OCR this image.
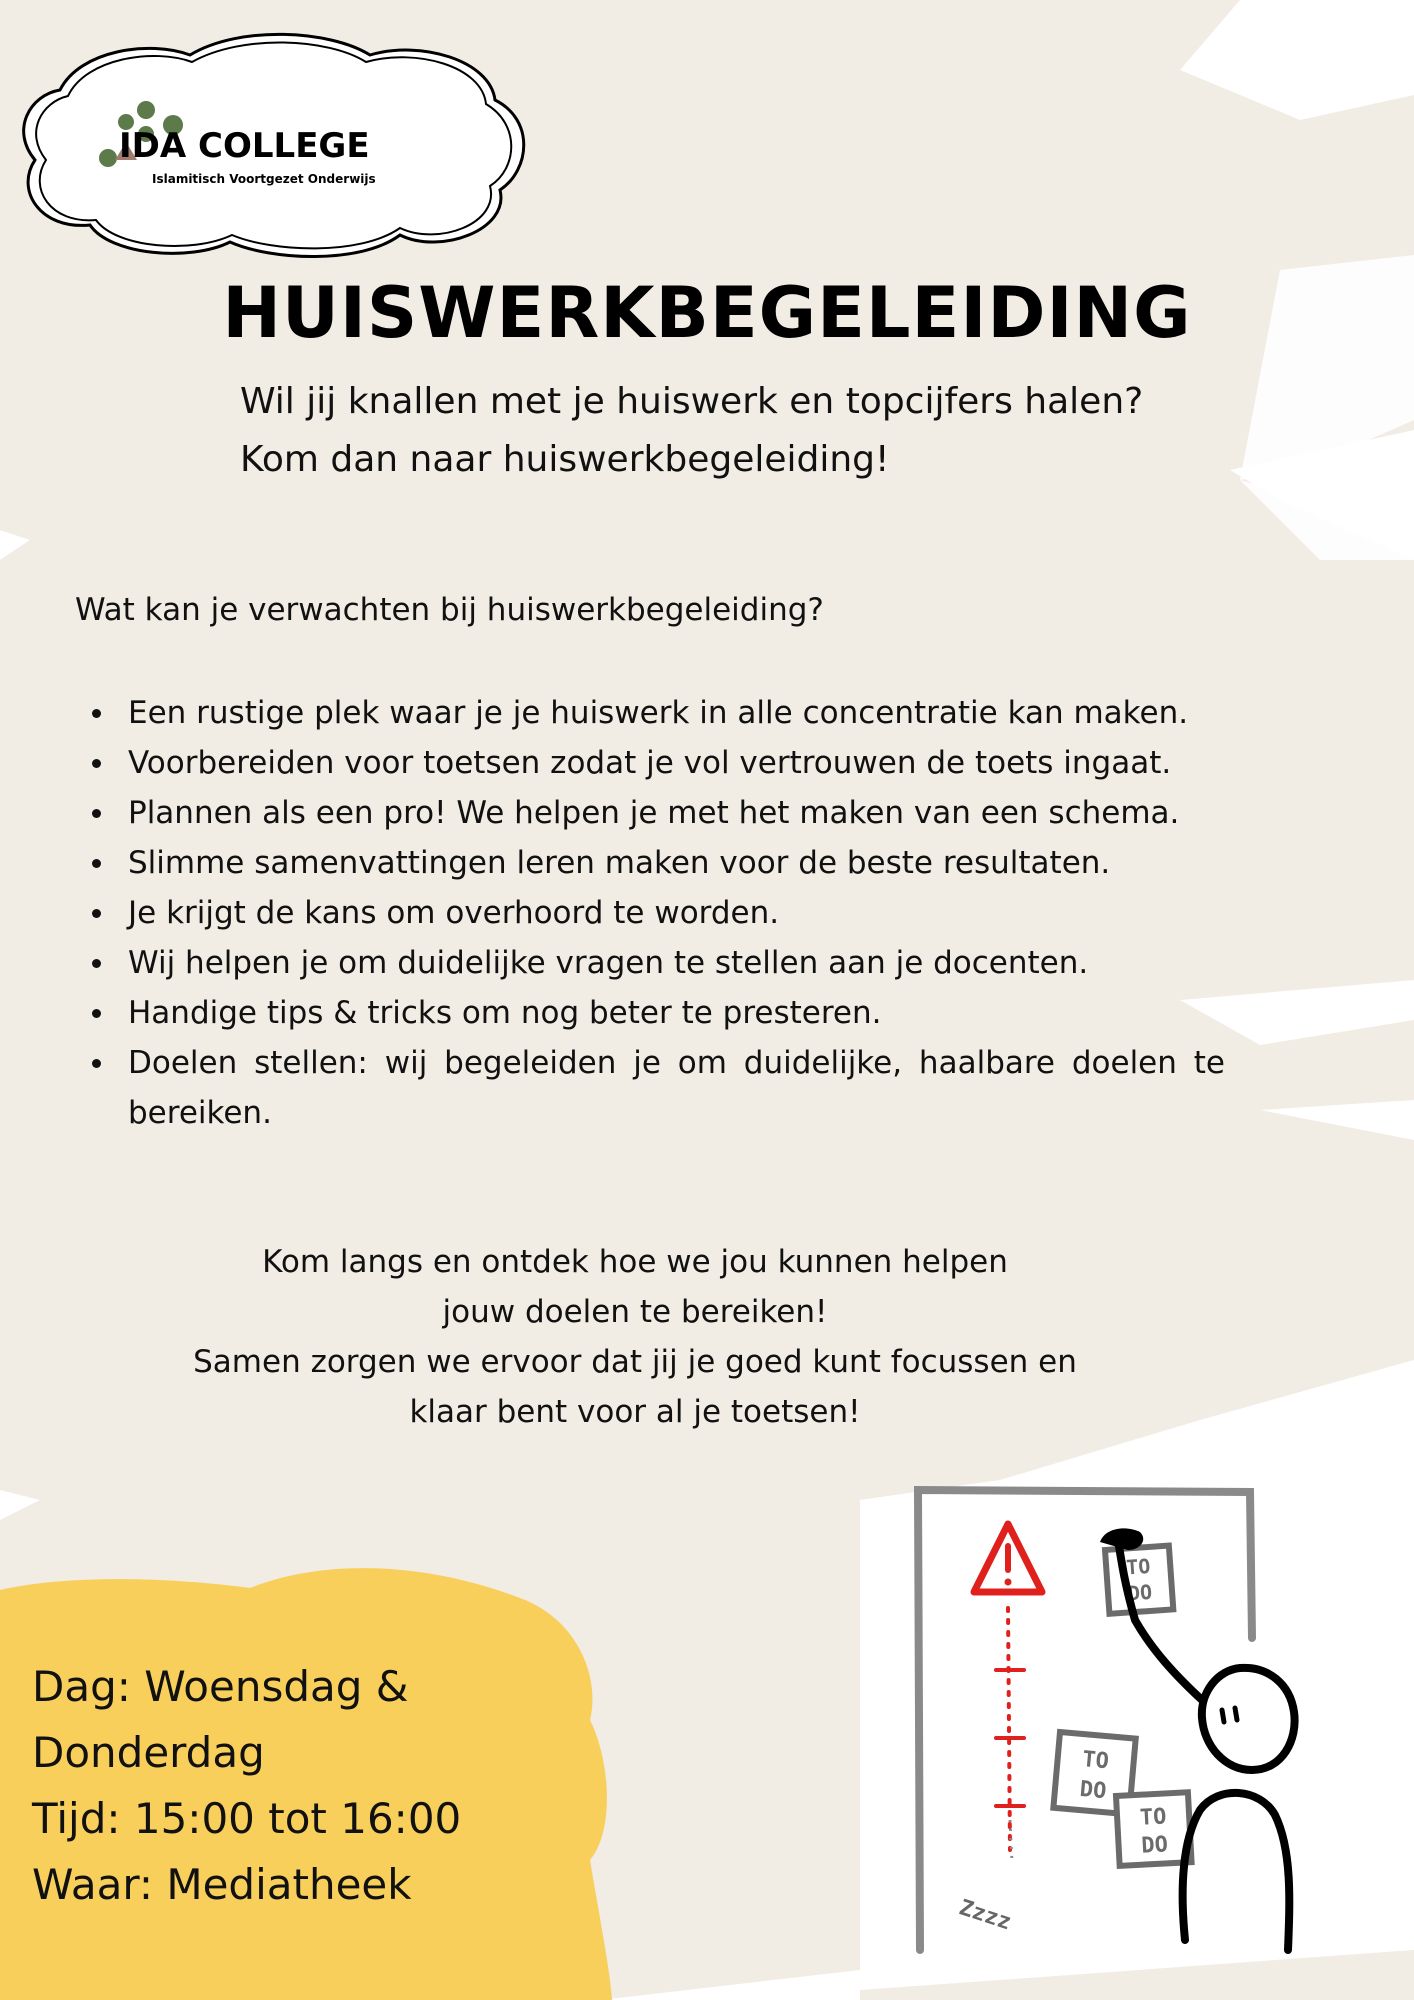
IDA COLLEGE
Islamitisch Voortgezet Onderwijs
HUISWERKBEGELEIDING
Wil jij knallen met je huiswerk en topcijfers halen?
Kom dan naar huiswerkbegeleiding!
Wat kan je verwachten bij huiswerkbegeleiding?
Een rustige plek waar je je huiswerk in alle concentratie kan maken.
Voorbereiden voor toetsen zodat je vol vertrouwen de toets ingaat.
Plannen als een pro! We helpen je met het maken van een schema.
Slimme samenvattingen leren maken voor de beste resultaten.
Je krijgt de kans om overhoord te worden.
Wij helpen je om duidelijke vragen te stellen aan je docenten.
Handige tips & tricks om nog beter te presteren.
Doelen stellen: wij begeleiden je om duidelijke, haalbare doelen te bereiken.
Kom langs en ontdek hoe we jou kunnen helpen jouw doelen te bereiken!
Samen zorgen we ervoor dat jij je goed kunt focussen en klaar bent voor al je toetsen!
Dag: Woensdag &
Donderdag
Tijd: 15:00 tot 16:00
Waar: Mediatheek
Zzzz
TO
DO
TO
DO
TO
DO
